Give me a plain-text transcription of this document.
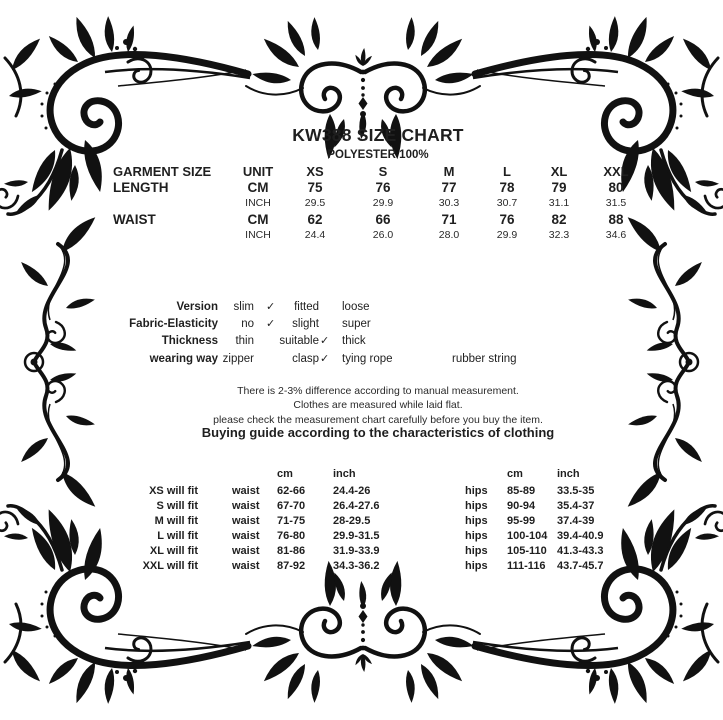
KW388 SIZE CHART
POLYESTER 100%
GARMENT SIZE	UNIT	XS	S	M	L	XL	XXL
LENGTH	CM	75	76	77	78	79	80
INCH	29.5	29.9	30.3	30.7	31.1	31.5
WAIST	CM	62	66	71	76	82	88
INCH	24.4	26.0	28.0	29.9	32.3	34.6
Version	slim ✓	fitted loose
Fabric-Elasticity	no ✓	slight super
Thickness	thin	suitable ✓ thick
wearing way zipper	clasp ✓ tying rope	rubber string
There is 2-3% difference according to manual measurement.
Clothes are measured while laid flat.
please check the measurement chart carefully before you buy the item.
Buying guide according to the characteristics of clothing
cm	inch	cm	inch
XS will fit	waist 62-66	24.4-26	hips 85-89 33.5-35
S will fit	waist 67-70	26.4-27.6	hips 90-94 35.4-37
M will fit	waist 71-75	28-29.5	hips 95-99 37.4-39
L will fit	waist 76-80	29.9-31.5	hips 100-104 39.4-40.9
XL will fit	waist 81-86	31.9-33.9	hips 105-110 41.3-43.3
XXL will fit	waist 87-92	34.3-36.2	hips 111-116 43.7-45.7
